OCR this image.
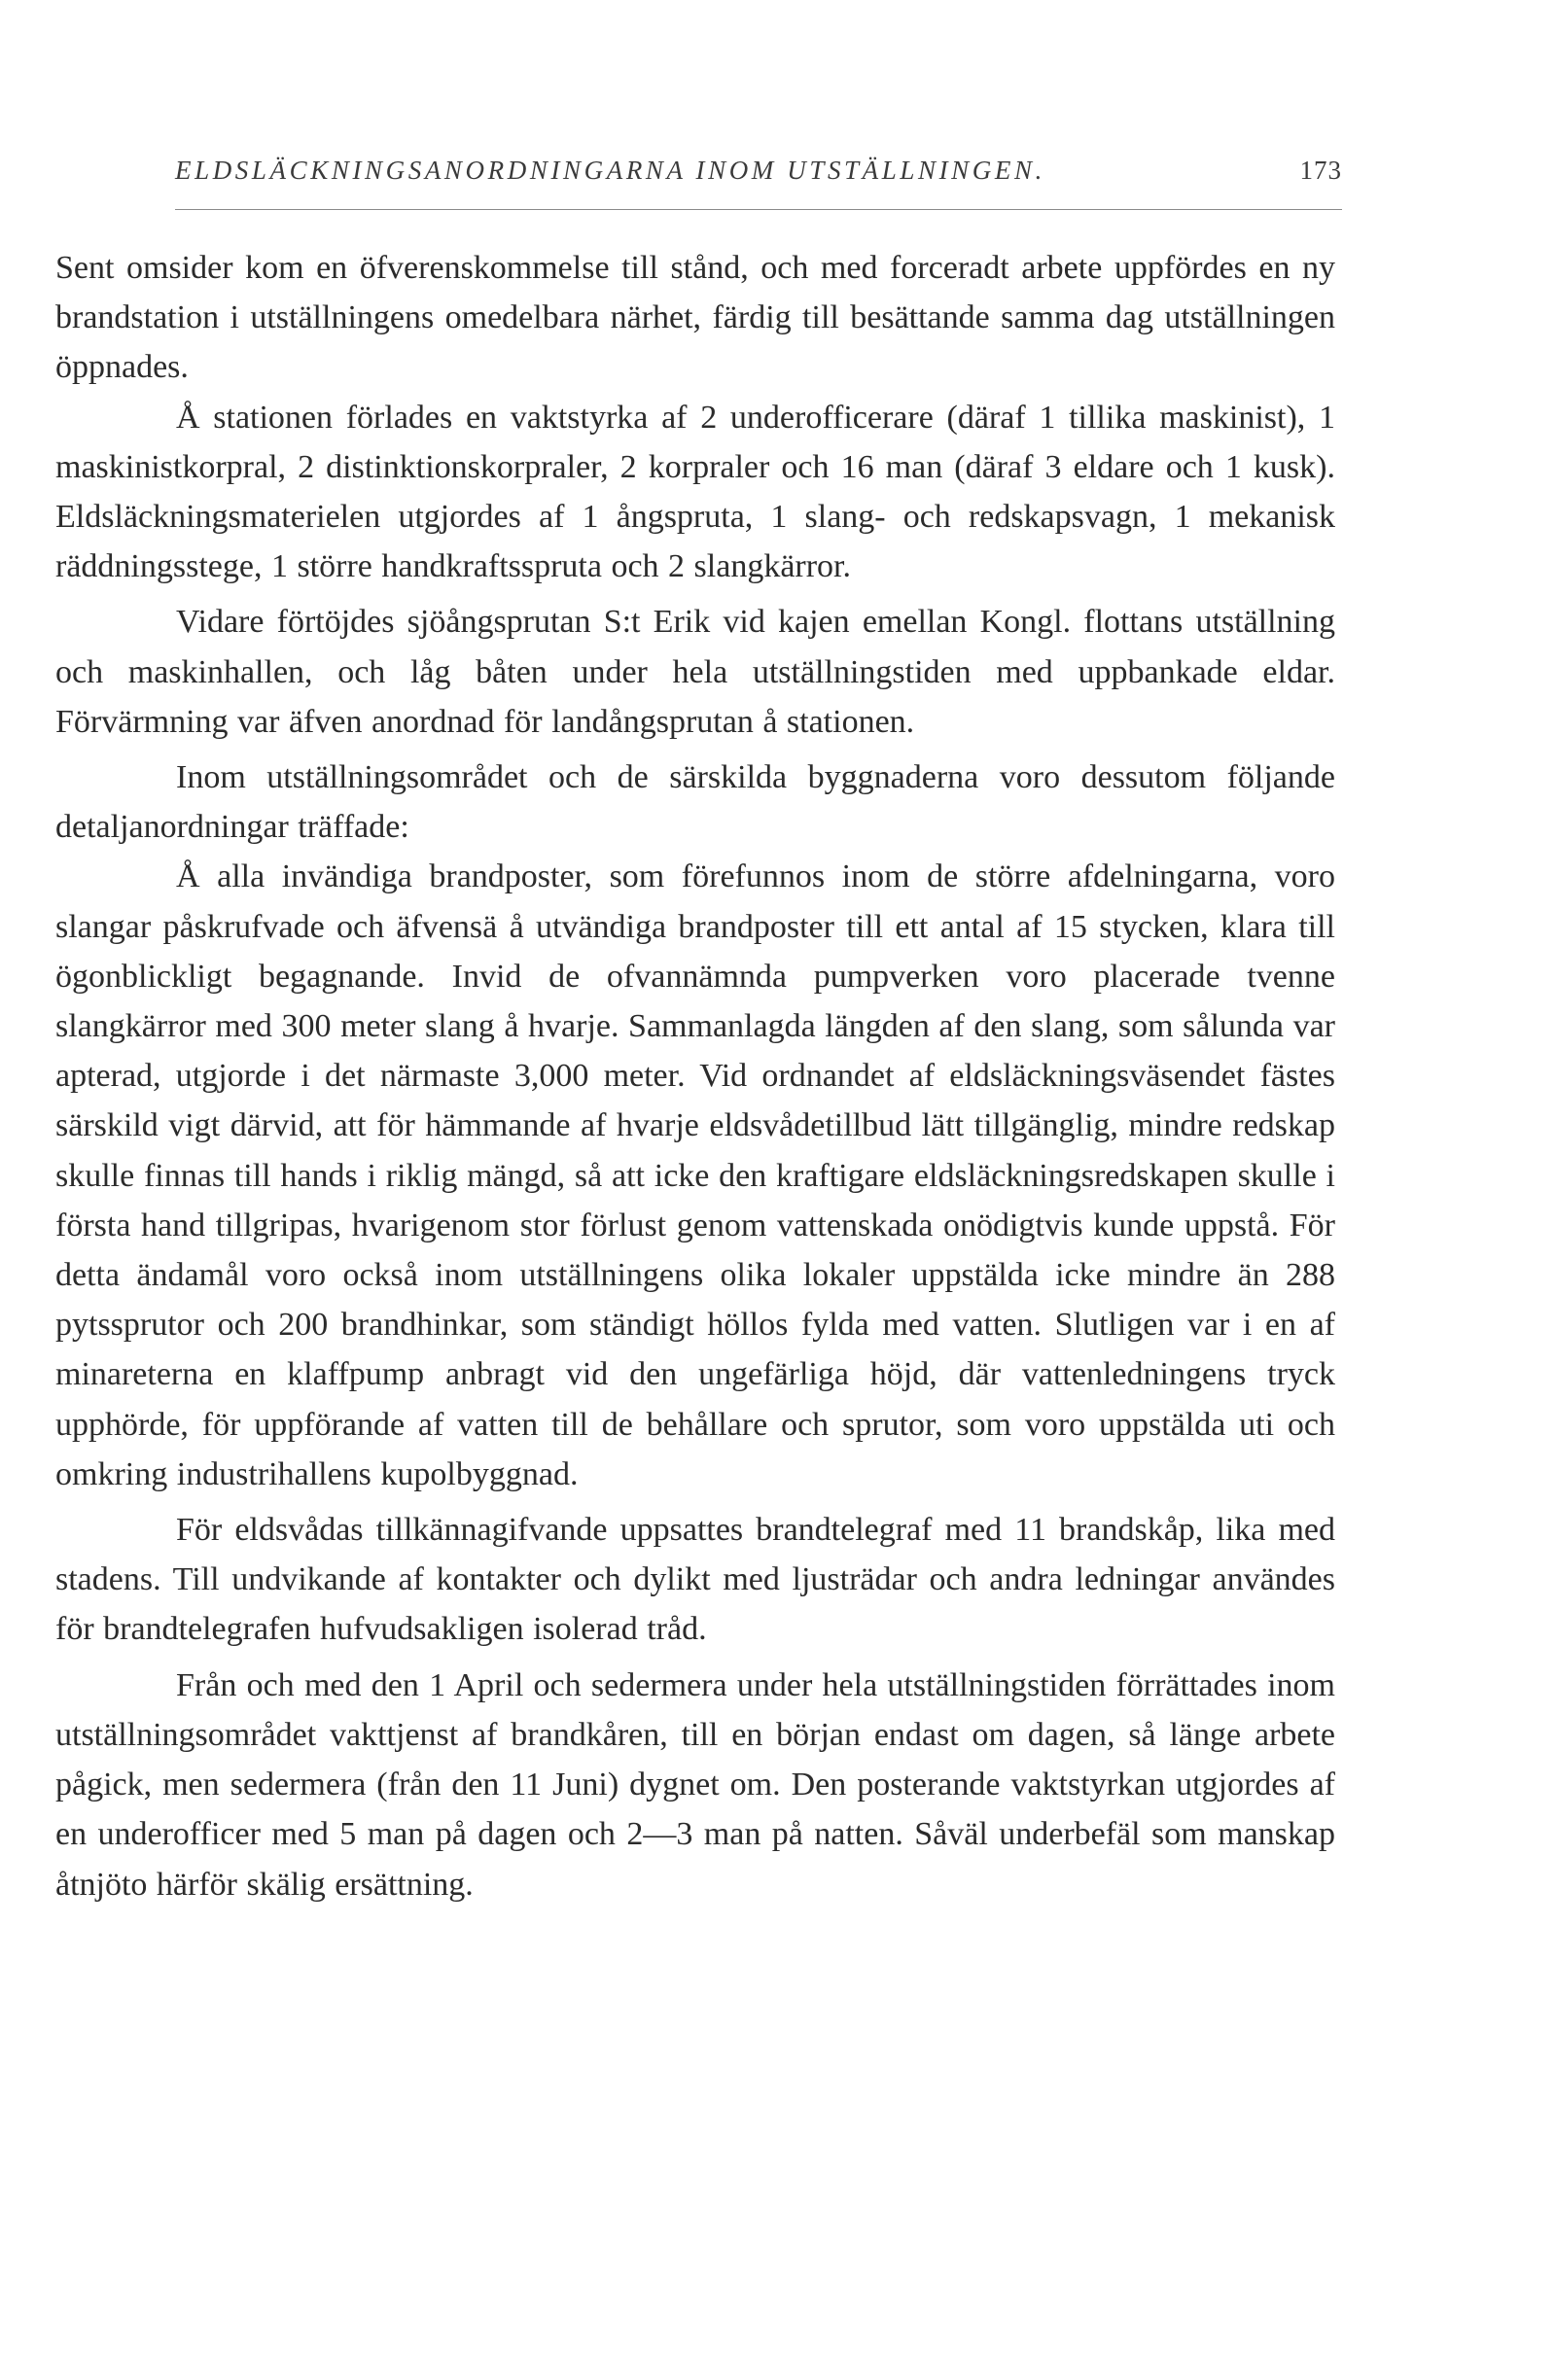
ELDSLÄCKNINGSANORDNINGARNA INOM UTSTÄLLNINGEN.	173

Sent omsider kom en öfverenskommelse till stånd, och med forceradt arbete uppfördes en ny brandstation i utställningens omedelbara närhet, färdig till besättande samma dag utställningen öppnades.

Å stationen förlades en vaktstyrka af 2 underofficerare (däraf 1 tillika maskinist), 1 maskinistkorpral, 2 distinktionskorpraler, 2 korpraler och 16 man (däraf 3 eldare och 1 kusk). Eldsläckningsmaterielen utgjordes af 1 ångspruta, 1 slang- och redskapsvagn, 1 mekanisk räddningsstege, 1 större handkraftsspruta och 2 slangkärror.

Vidare förtöjdes sjöångsprutan S:t Erik vid kajen emellan Kongl. flottans utställning och maskinhallen, och låg båten under hela utställningstiden med uppbankade eldar. Förvärmning var äfven anordnad för landångsprutan å stationen.

Inom utställningsområdet och de särskilda byggnaderna voro dessutom följande detaljanordningar träffade:

Å alla invändiga brandposter, som förefunnos inom de större afdelningarna, voro slangar påskrufvade och äfvensä å utvändiga brandposter till ett antal af 15 stycken, klara till ögonblickligt begagnande. Invid de ofvannämnda pumpverken voro placerade tvenne slangkärror med 300 meter slang å hvarje. Sammanlagda längden af den slang, som sålunda var apterad, utgjorde i det närmaste 3,000 meter. Vid ordnandet af eldsläckningsväsendet fästes särskild vigt därvid, att för hämmande af hvarje eldsvådetillbud lätt tillgänglig, mindre redskap skulle finnas till hands i riklig mängd, så att icke den kraftigare eldsläckningsredskapen skulle i första hand tillgripas, hvarigenom stor förlust genom vattenskada onödigtvis kunde uppstå. För detta ändamål voro också inom utställningens olika lokaler uppstälda icke mindre än 288 pytssprutor och 200 brandhinkar, som ständigt höllos fylda med vatten. Slutligen var i en af minareterna en klaffpump anbragt vid den ungefärliga höjd, där vattenledningens tryck upphörde, för uppförande af vatten till de behållare och sprutor, som voro uppstälda uti och omkring industrihallens kupolbyggnad.

För eldsvådas tillkännagifvande uppsattes brandtelegraf med 11 brandskåp, lika med stadens. Till undvikande af kontakter och dylikt med ljusträdar och andra ledningar användes för brandtelegrafen hufvudsakligen isolerad tråd.

Från och med den 1 April och sedermera under hela utställningstiden förrättades inom utställningsområdet vakttjenst af brandkåren, till en början endast om dagen, så länge arbete pågick, men sedermera (från den 11 Juni) dygnet om. Den posterande vaktstyrkan utgjordes af en underofficer med 5 man på dagen och 2—3 man på natten. Såväl underbefäl som manskap åtnjöto härför skälig ersättning.
